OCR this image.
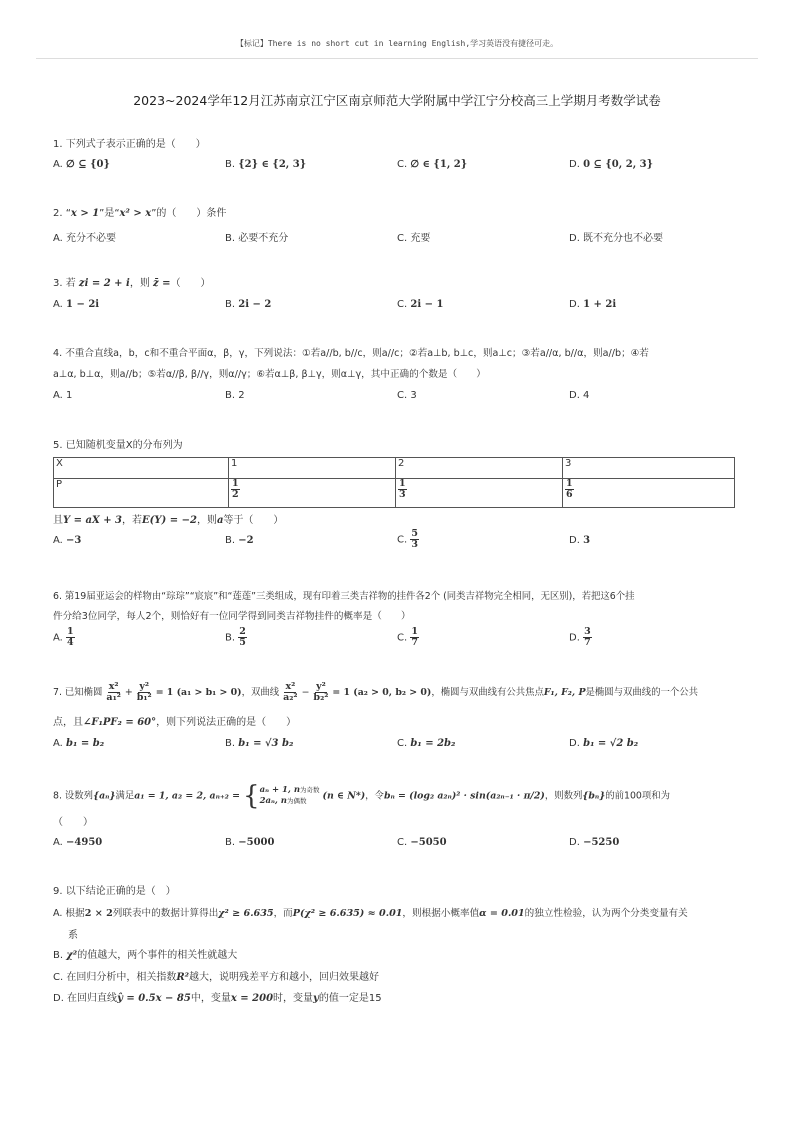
【标记】There is no short cut in learning English,学习英语没有捷径可走。
2023~2024学年12月江苏南京江宁区南京师范大学附属中学江宁分校高三上学期月考数学试卷
1. 下列式子表示正确的是（　　）
A. ∅ ⊆ {0}	B. {2} ∈ {2, 3}	C. ∅ ∈ {1, 2}	D. 0 ⊆ {0, 2, 3}
2. “x > 1”是“x² > x”的（　　）条件
A. 充分不必要	B. 必要不充分	C. 充要	D. 既不充分也不必要
3. 若 zi = 2 + i，则 z̄ =（　　）
A. 1 − 2i	B. 2i − 2	C. 2i − 1	D. 1 + 2i
4. 不重合直线a，b，c和不重合平面α，β，γ，下列说法：①若a//b, b//c，则a//c；②若a⊥b, b⊥c，则a⊥c；③若a//α, b//α，则a//b；④若
a⊥α, b⊥α，则a//b；⑤若α//β, β//γ，则α//γ；⑥若α⊥β, β⊥γ，则α⊥γ，其中正确的个数是（　　）
A. 1	B. 2	C. 3	D. 4
5. 已知随机变量X的分布列为
X	1	2	3
P	$\frac{1}{2}$	$\frac{1}{3}$	$\frac{1}{6}$
且Y = aX + 3，若E(Y) = −2，则a等于（　　）
A. −3	B. −2	C. $\frac{5}{3}$	D. 3
6. 第19届亚运会的样物由“琮琮”“宸宸”和“莲莲”三类组成，现有印着三类吉祥物的挂件各2个 (同类吉祥物完全相同，无区别)，若把这6个挂
件分给3位同学，每人2个，则恰好有一位同学得到同类吉祥物挂件的概率是（　　）
A. $\frac{1}{4}$	B. $\frac{2}{5}$	C. $\frac{1}{7}$	D. $\frac{3}{7}$
7. 已知椭圆 $\frac{\text{x²}}{\text{a₁²}} + \frac{\text{y²}}{\text{b₁²}} = 1$ (a₁ > b₁ > 0)，双曲线 $\frac{\text{x²}}{\text{a₂²}} - \frac{\text{y²}}{\text{b₂²}} = 1$ (a₂ > 0, b₂ > 0)，椭圆与双曲线有公共焦点F₁, F₂, P是椭圆与双曲线的一个公共
点，且∠F₁PF₂ = 60°，则下列说法正确的是（　　）
A. b₁ = b₂	B. b₁ = √3 b₂	C. b₁ = 2b₂	D. b₁ = √2 b₂
8. 设数列{aₙ}满足a₁ = 1, a₂ = 2, aₙ₊₂ = { aₙ + 1, n为奇数
2aₙ, n为偶数	(n ∈ N*)，令bₙ = (log₂ a₂ₙ)² · sin(a₂ₙ₋₁ · π/2)，则数列{bₙ}的前100项和为
（　　）
A. −4950	B. −5000	C. −5050	D. −5250
9. 以下结论正确的是（　）
A. 根据2 × 2列联表中的数据计算得出χ² ≥ 6.635，而P(χ² ≥ 6.635) ≈ 0.01，则根据小概率值α = 0.01的独立性检验，认为两个分类变量有关
系
B. χ²的值越大，两个事件的相关性就越大
C. 在回归分析中，相关指数R²越大，说明残差平方和越小，回归效果越好
D. 在回归直线ŷ = 0.5x − 85中，变量x = 200时，变量y的值一定是15
